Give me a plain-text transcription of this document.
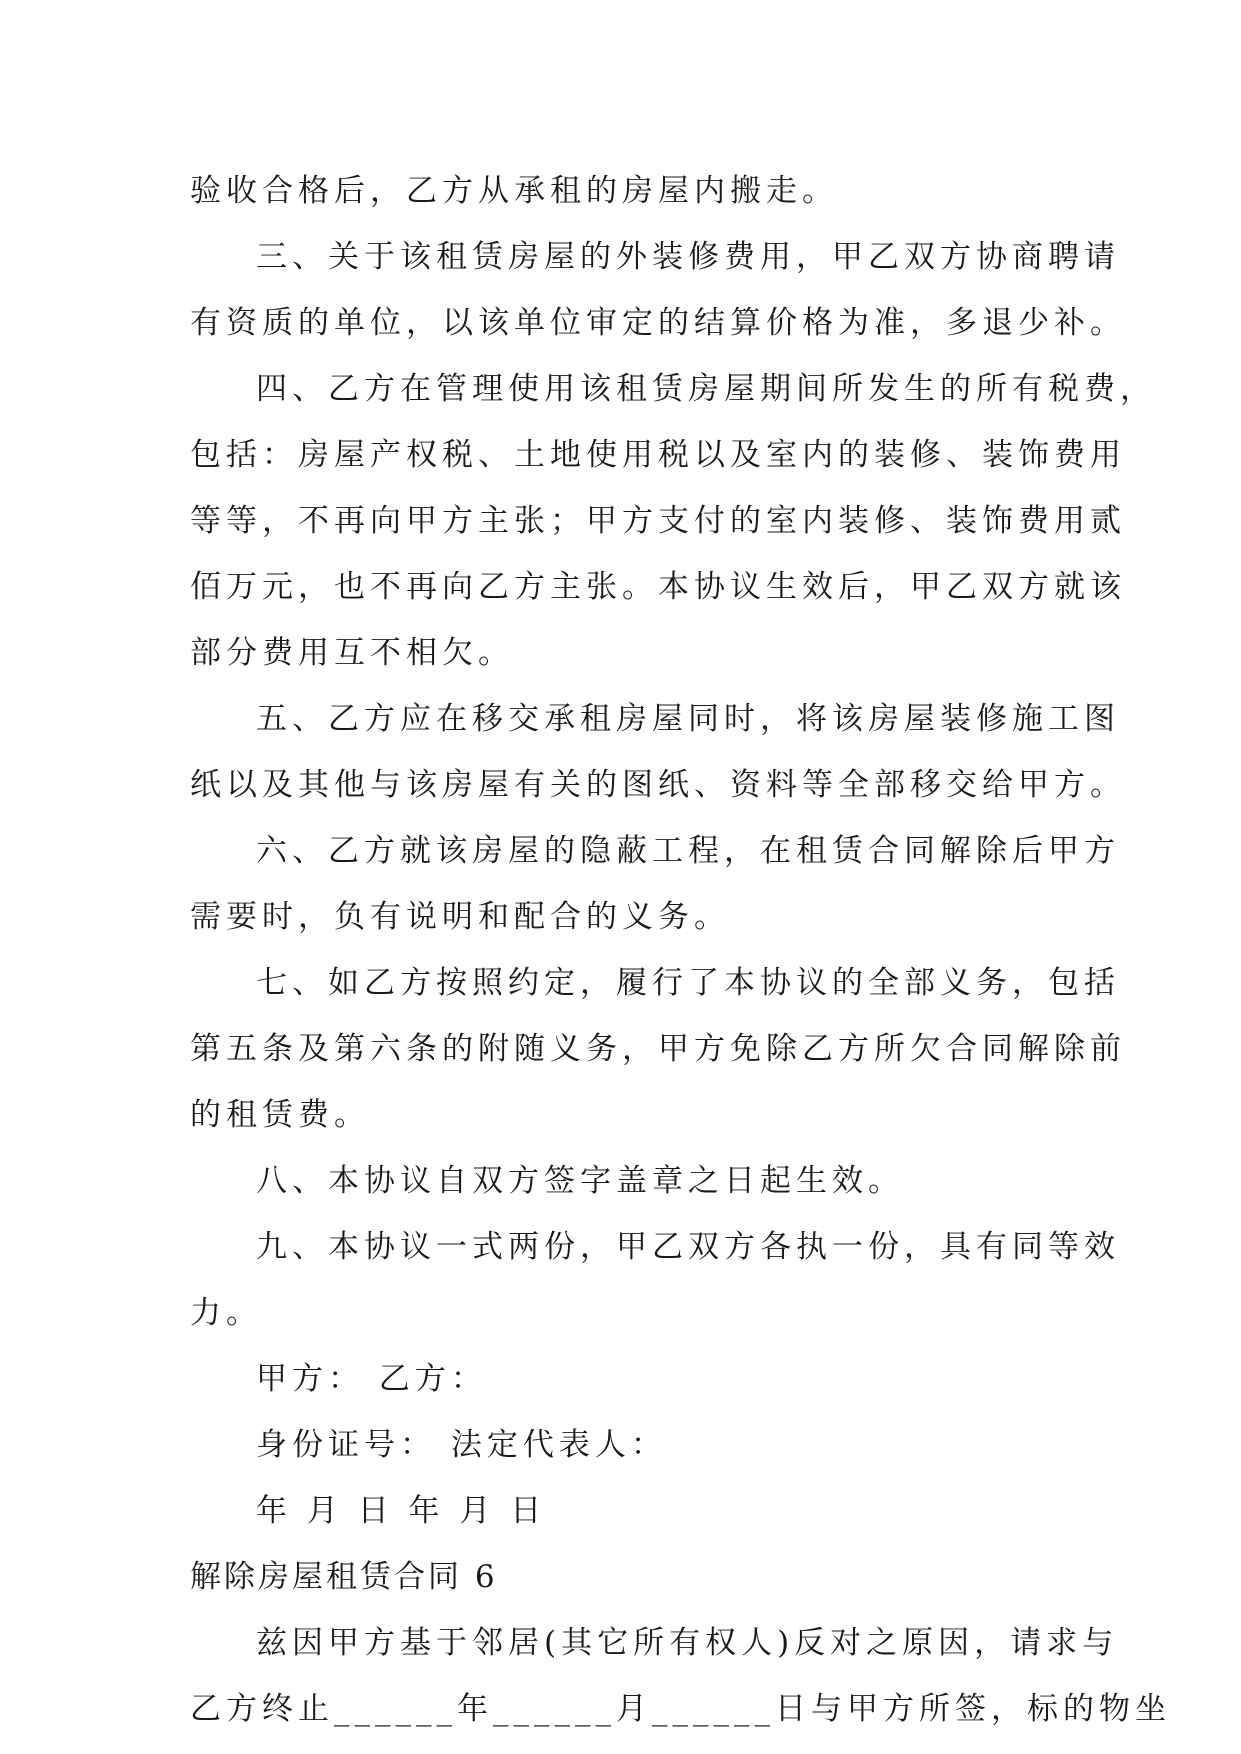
验收合格后，乙方从承租的房屋内搬走。
三、关于该租赁房屋的外装修费用，甲乙双方协商聘请
有资质的单位，以该单位审定的结算价格为准，多退少补。
四、乙方在管理使用该租赁房屋期间所发生的所有税费，
包括：房屋产权税、土地使用税以及室内的装修、装饰费用
等等，不再向甲方主张；甲方支付的室内装修、装饰费用贰
佰万元，也不再向乙方主张。本协议生效后，甲乙双方就该
部分费用互不相欠。
五、乙方应在移交承租房屋同时，将该房屋装修施工图
纸以及其他与该房屋有关的图纸、资料等全部移交给甲方。
六、乙方就该房屋的隐蔽工程，在租赁合同解除后甲方
需要时，负有说明和配合的义务。
七、如乙方按照约定，履行了本协议的全部义务，包括
第五条及第六条的附随义务，甲方免除乙方所欠合同解除前
的租赁费。
八、本协议自双方签字盖章之日起生效。
九、本协议一式两份，甲乙双方各执一份，具有同等效
力。
甲方： 乙方：
身份证号： 法定代表人：
年 月 日 年 月 日
解除房屋租赁合同 6
兹因甲方基于邻居(其它所有权人)反对之原因，请求与
乙方终止______年______月______日与甲方所签，标的物坐
